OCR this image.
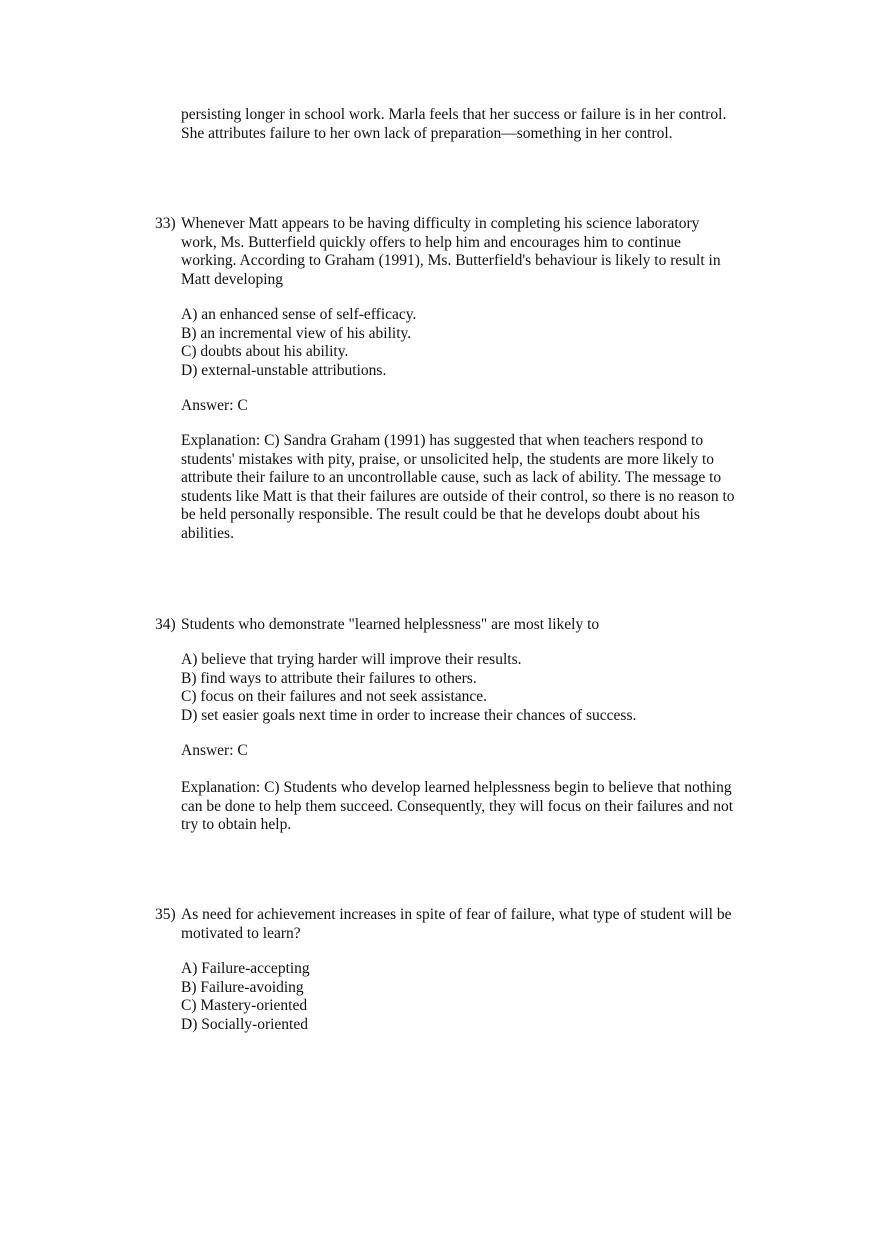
persisting longer in school work. Marla feels that her success or failure is in her control.
She attributes failure to her own lack of preparation—something in her control.
33) Whenever Matt appears to be having difficulty in completing his science laboratory
work, Ms. Butterfield quickly offers to help him and encourages him to continue
working. According to Graham (1991), Ms. Butterfield's behaviour is likely to result in
Matt developing
A) an enhanced sense of self-efficacy.
B) an incremental view of his ability.
C) doubts about his ability.
D) external-unstable attributions.
Answer: C
Explanation: C) Sandra Graham (1991) has suggested that when teachers respond to
students' mistakes with pity, praise, or unsolicited help, the students are more likely to
attribute their failure to an uncontrollable cause, such as lack of ability. The message to
students like Matt is that their failures are outside of their control, so there is no reason to
be held personally responsible. The result could be that he develops doubt about his
abilities.
34) Students who demonstrate "learned helplessness" are most likely to
A) believe that trying harder will improve their results.
B) find ways to attribute their failures to others.
C) focus on their failures and not seek assistance.
D) set easier goals next time in order to increase their chances of success.
Answer: C
Explanation: C) Students who develop learned helplessness begin to believe that nothing
can be done to help them succeed. Consequently, they will focus on their failures and not
try to obtain help.
35) As need for achievement increases in spite of fear of failure, what type of student will be
motivated to learn?
A) Failure-accepting
B) Failure-avoiding
C) Mastery-oriented
D) Socially-oriented
